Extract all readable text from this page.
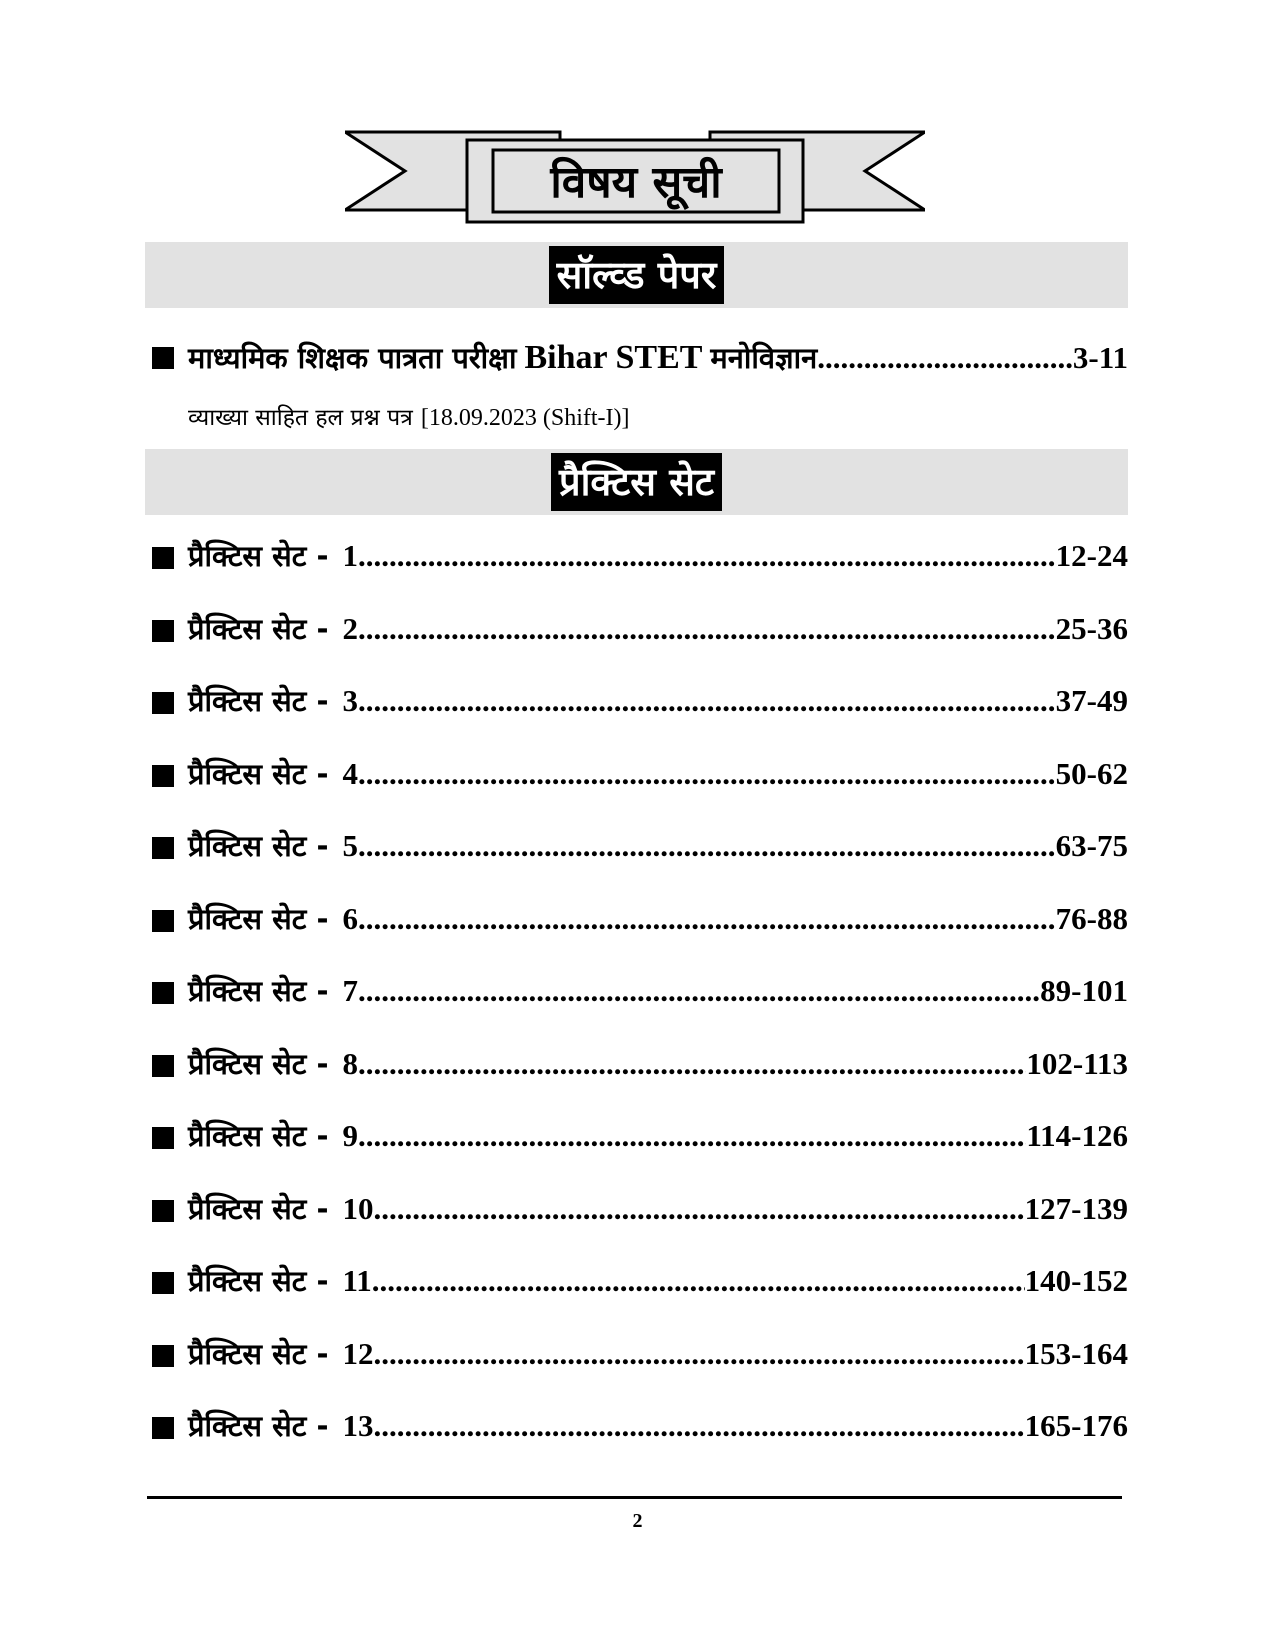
विषय सूची
सॉल्व्ड पेपर
माध्यमिक शिक्षक पात्रता परीक्षा Bihar STET मनोविज्ञान .....	3-11
व्याख्या साहित हल प्रश्न पत्र [18.09.2023 (Shift-I)]
प्रैक्टिस सेट
प्रैक्टिस सेट - 1 .....	12-24
प्रैक्टिस सेट - 2 .....	25-36
प्रैक्टिस सेट - 3 .....	37-49
प्रैक्टिस सेट - 4 .....	50-62
प्रैक्टिस सेट - 5 .....	63-75
प्रैक्टिस सेट - 6 .....	76-88
प्रैक्टिस सेट - 7 .....	89-101
प्रैक्टिस सेट - 8 .....	102-113
प्रैक्टिस सेट - 9 .....	114-126
प्रैक्टिस सेट - 10 .....	127-139
प्रैक्टिस सेट - 11 .....	140-152
प्रैक्टिस सेट - 12 .....	153-164
प्रैक्टिस सेट - 13 .....	165-176
2
